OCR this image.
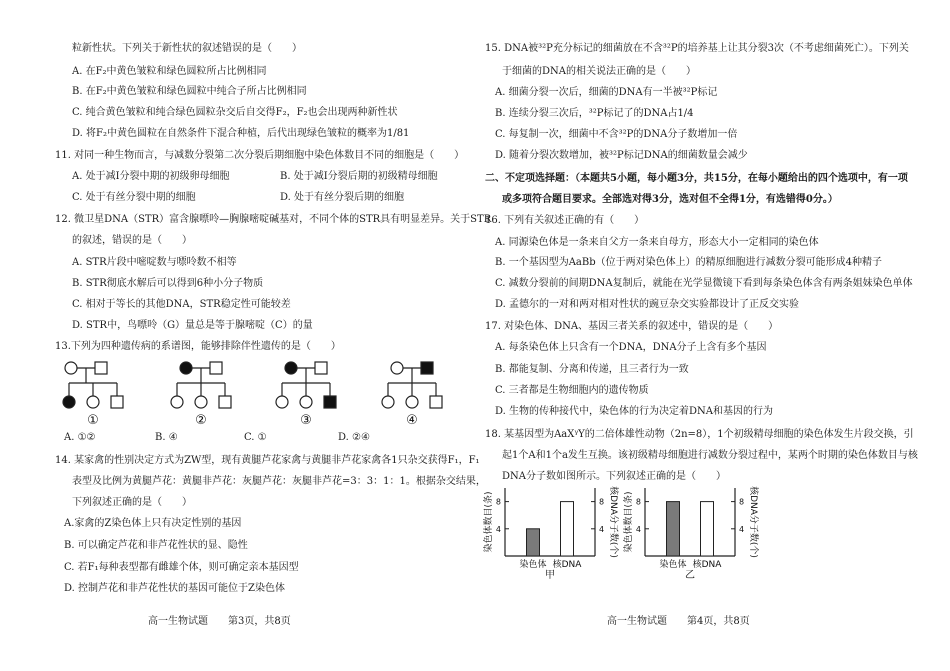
粒新性状。下列关于新性状的叙述错误的是（　　）
A. 在F₂中黄色皱粒和绿色圆粒所占比例相同
B. 在F₂中黄色皱粒和绿色圆粒中纯合子所占比例相同
C. 纯合黄色皱粒和纯合绿色圆粒杂交后自交得F₂，F₂也会出现两种新性状
D. 将F₂中黄色圆粒在自然条件下混合种植，后代出现绿色皱粒的概率为1/81
11. 对同一种生物而言，与减数分裂第二次分裂后期细胞中染色体数目不同的细胞是（　　）
A. 处于减Ⅰ分裂中期的初级卵母细胞	B. 处于减Ⅰ分裂后期的初级精母细胞
C. 处于有丝分裂中期的细胞	D. 处于有丝分裂后期的细胞
12. 微卫星DNA（STR）富含腺嘌呤—胸腺嘧啶碱基对，不同个体的STR具有明显差异。关于STR
的叙述，错误的是（　　）
A. STR片段中嘧啶数与嘌呤数不相等
B. STR彻底水解后可以得到6种小分子物质
C. 相对于等长的其他DNA，STR稳定性可能较差
D. STR中，鸟嘌呤（G）量总是等于腺嘧啶（C）的量
13.下列为四种遗传病的系谱图，能够排除伴性遗传的是（　　）
①	②	③	④
A. ①②	B. ④	C. ①	D. ②④
14. 某家禽的性别决定方式为ZW型，现有黄腿芦花家禽与黄腿非芦花家禽各1只杂交获得F₁，F₁
表型及比例为黄腿芦花：黄腿非芦花：灰腿芦花：灰腿非芦花=3：3：1：1。根据杂交结果，
下列叙述正确的是（　　）
A.家禽的Z染色体上只有决定性别的基因
B. 可以确定芦花和非芦花性状的显、隐性
C. 若F₁每种表型都有雌雄个体，则可确定亲本基因型
D. 控制芦花和非芦花性状的基因可能位于Z染色体
高一生物试题　　第3页，共8页
15. DNA被³²P充分标记的细菌放在不含³²P的培养基上让其分裂3次（不考虑细菌死亡）。下列关
于细菌的DNA的相关说法正确的是（　　）
A. 细菌分裂一次后，细菌的DNA有一半被³²P标记
B. 连续分裂三次后，³²P标记了的DNA占1/4
C. 每复制一次，细菌中不含³²P的DNA分子数增加一倍
D. 随着分裂次数增加，被³²P标记DNA的细菌数量会减少
二、不定项选择题：（本题共5小题，每小题3分，共15分，在每小题给出的四个选项中，有一项
或多项符合题目要求。全部选对得3分，选对但不全得1分，有选错得0分。）
16. 下列有关叙述正确的有（　　）
A. 同源染色体是一条来自父方一条来自母方，形态大小一定相同的染色体
B. 一个基因型为AaBb（位于两对染色体上）的精原细胞进行减数分裂可能形成4种精子
C. 减数分裂前的间期DNA复制后，就能在光学显微镜下看到每条染色体含有两条姐妹染色单体
D. 孟德尔的一对和两对相对性状的豌豆杂交实验都设计了正反交实验
17. 对染色体、DNA、基因三者关系的叙述中，错误的是（　　）
A. 每条染色体上只含有一个DNA，DNA分子上含有多个基因
B. 都能复制、分离和传递，且三者行为一致
C. 三者都是生物细胞内的遗传物质
D. 生物的传种接代中，染色体的行为决定着DNA和基因的行为
18. 某基因型为AaXᵞY的二倍体雄性动物（2n=8），1个初级精母细胞的染色体发生片段交换，引
起1个A和1个a发生互换。该初级精母细胞进行减数分裂过程中，某两个时期的染色体数目与核
DNA分子数如图所示。下列叙述正确的是（　　）
4	4
8	8
染色体 核DNA
甲
染色体数目(条)	核DNA分子数(个) 4	4
8	8
染色体 核DNA
乙
染色体数目(条)	核DNA分子数(个)
高一生物试题　　第4页，共8页
